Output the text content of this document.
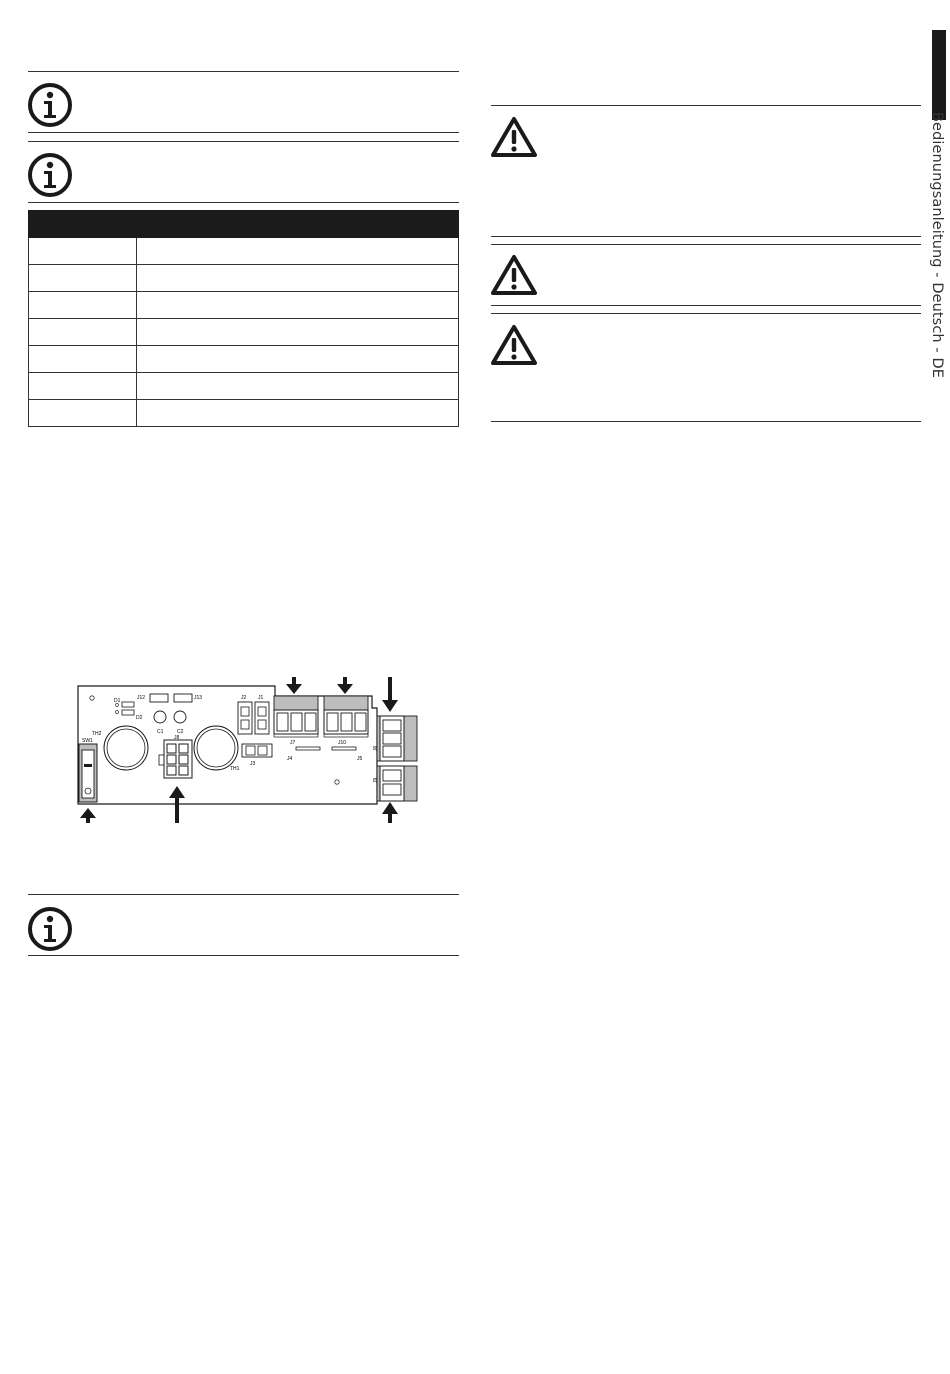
Bedienungsanleitung - Deutsch - DE

D1
D2
J12	J13
C1	C2
TH2
TH1
J8
J2 J1
J3
J7	J10
J4	J5
J6
J9
SW1
